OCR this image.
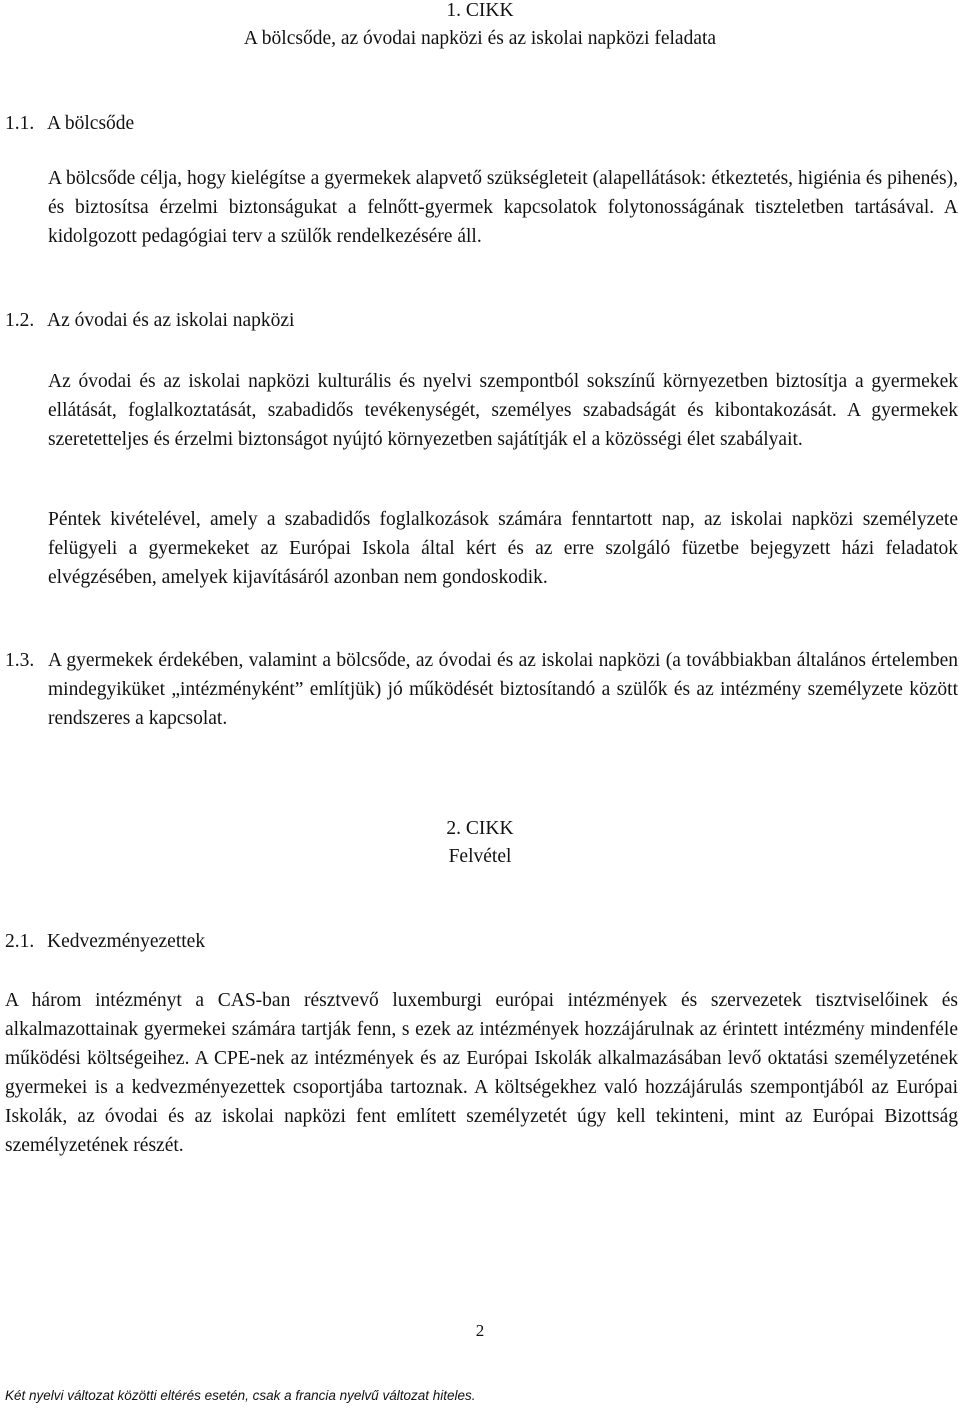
1. CIKK
A bölcsőde, az óvodai napközi és az iskolai napközi feladata
1.1. A bölcsőde
A bölcsőde célja, hogy kielégítse a gyermekek alapvető szükségleteit (alapellátások: étkeztetés, higiénia és pihenés), és biztosítsa érzelmi biztonságukat a felnőtt-gyermek kapcsolatok folytonosságának tiszteletben tartásával. A kidolgozott pedagógiai terv a szülők rendelkezésére áll.
1.2. Az óvodai és az iskolai napközi
Az óvodai és az iskolai napközi kulturális és nyelvi szempontból sokszínű környezetben biztosítja a gyermekek ellátását, foglalkoztatását, szabadidős tevékenységét, személyes szabadságát és kibontakozását. A gyermekek szeretetteljes és érzelmi biztonságot nyújtó környezetben sajátítják el a közösségi élet szabályait.
Péntek kivételével, amely a szabadidős foglalkozások számára fenntartott nap, az iskolai napközi személyzete felügyeli a gyermekeket az Európai Iskola által kért és az erre szolgáló füzetbe bejegyzett házi feladatok elvégzésében, amelyek kijavításáról azonban nem gondoskodik.
1.3. A gyermekek érdekében, valamint a bölcsőde, az óvodai és az iskolai napközi (a továbbiakban általános értelemben mindegyiküket „intézményként” említjük) jó működését biztosítandó a szülők és az intézmény személyzete között rendszeres a kapcsolat.
2. CIKK
Felvétel
2.1. Kedvezményezettek
A három intézményt a CAS-ban résztvevő luxemburgi európai intézmények és szervezetek tisztviselőinek és alkalmazottainak gyermekei számára tartják fenn, s ezek az intézmények hozzájárulnak az érintett intézmény mindenféle működési költségeihez. A CPE-nek az intézmények és az Európai Iskolák alkalmazásában levő oktatási személyzetének gyermekei is a kedvezményezettek csoportjába tartoznak. A költségekhez való hozzájárulás szempontjából az Európai Iskolák, az óvodai és az iskolai napközi fent említett személyzetét úgy kell tekinteni, mint az Európai Bizottság személyzetének részét.
2
Két nyelvi változat közötti eltérés esetén, csak a francia nyelvű változat hiteles.
